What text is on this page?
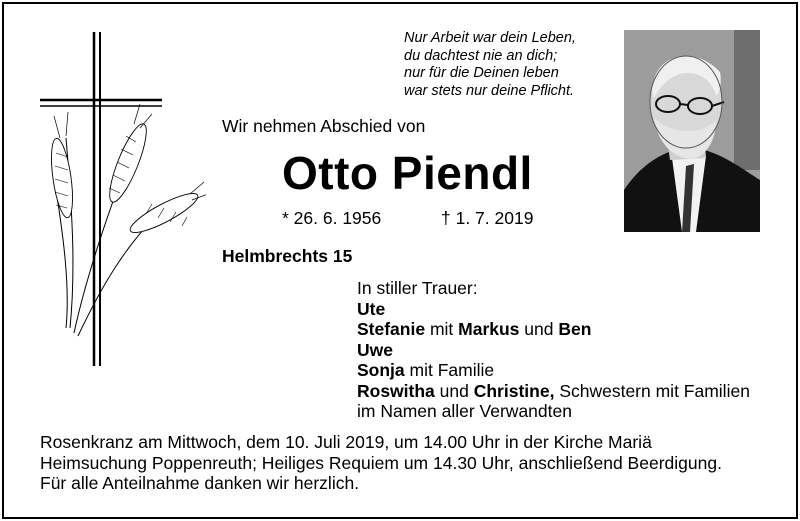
Nur Arbeit war dein Leben,
du dachtest nie an dich;
nur für die Deinen leben
war stets nur deine Pflicht.
Wir nehmen Abschied von
Otto Piendl
* 26. 6. 1956	† 1. 7. 2019
Helmbrechts 15
In stiller Trauer:
Ute
Stefanie mit Markus und Ben
Uwe
Sonja mit Familie
Roswitha und Christine, Schwestern mit Familien
im Namen aller Verwandten
Rosenkranz am Mittwoch, dem 10. Juli 2019, um 14.00 Uhr in der Kirche Mariä
Heimsuchung Poppenreuth; Heiliges Requiem um 14.30 Uhr, anschließend Beerdigung.
Für alle Anteilnahme danken wir herzlich.
